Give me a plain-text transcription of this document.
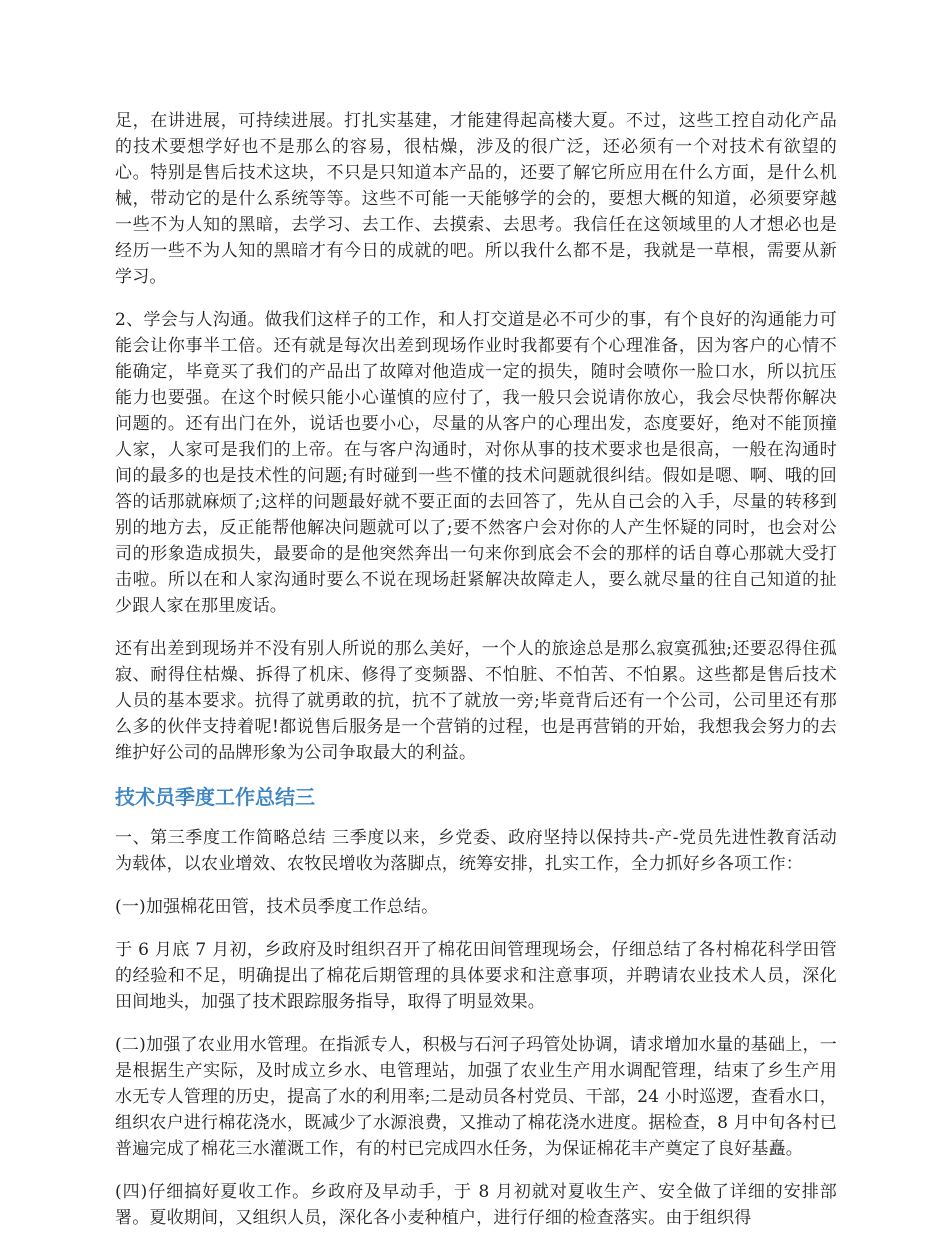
足，在讲进展，可持续进展。打扎实基建，才能建得起高楼大夏。不过，这些工控自动化产品的技术要想学好也不是那么的容易，很枯燥，涉及的很广泛，还必须有一个对技术有欲望的心。特别是售后技术这块，不只是只知道本产品的，还要了解它所应用在什么方面，是什么机械，带动它的是什么系统等等。这些不可能一天能够学的会的，要想大概的知道，必须要穿越一些不为人知的黑暗，去学习、去工作、去摸索、去思考。我信任在这领域里的人才想必也是经历一些不为人知的黑暗才有今日的成就的吧。所以我什么都不是，我就是一草根，需要从新学习。

2、学会与人沟通。做我们这样子的工作，和人打交道是必不可少的事，有个良好的沟通能力可能会让你事半工倍。还有就是每次出差到现场作业时我都要有个心理准备，因为客户的心情不能确定，毕竟买了我们的产品出了故障对他造成一定的损失，随时会喷你一脸口水，所以抗压能力也要强。在这个时候只能小心谨慎的应付了，我一般只会说请你放心，我会尽快帮你解决问题的。还有出门在外，说话也要小心，尽量的从客户的心理出发，态度要好，绝对不能顶撞人家，人家可是我们的上帝。在与客户沟通时，对你从事的技术要求也是很高，一般在沟通时间的最多的也是技术性的问题;有时碰到一些不懂的技术问题就很纠结。假如是嗯、啊、哦的回答的话那就麻烦了;这样的问题最好就不要正面的去回答了，先从自己会的入手，尽量的转移到别的地方去，反正能帮他解决问题就可以了;要不然客户会对你的人产生怀疑的同时，也会对公司的形象造成损失，最要命的是他突然奔出一句来你到底会不会的那样的话自尊心那就大受打击啦。所以在和人家沟通时要么不说在现场赶紧解决故障走人，要么就尽量的往自己知道的扯少跟人家在那里废话。

还有出差到现场并不没有别人所说的那么美好，一个人的旅途总是那么寂寞孤独;还要忍得住孤寂、耐得住枯燥、拆得了机床、修得了变频器、不怕脏、不怕苦、不怕累。这些都是售后技术人员的基本要求。抗得了就勇敢的抗，抗不了就放一旁;毕竟背后还有一个公司，公司里还有那么多的伙伴支持着呢!都说售后服务是一个营销的过程，也是再营销的开始，我想我会努力的去维护好公司的品牌形象为公司争取最大的利益。

技术员季度工作总结三

一、第三季度工作简略总结 三季度以来，乡党委、政府坚持以保持共-产-党员先进性教育活动为载体，以农业增效、农牧民增收为落脚点，统筹安排，扎实工作，全力抓好乡各项工作：

(一)加强棉花田管，技术员季度工作总结。

于 6 月底 7 月初，乡政府及时组织召开了棉花田间管理现场会，仔细总结了各村棉花科学田管的经验和不足，明确提出了棉花后期管理的具体要求和注意事项，并聘请农业技术人员，深化田间地头，加强了技术跟踪服务指导，取得了明显效果。

(二)加强了农业用水管理。在指派专人，积极与石河子玛管处协调，请求增加水量的基础上，一是根据生产实际，及时成立乡水、电管理站，加强了农业生产用水调配管理，结束了乡生产用水无专人管理的历史，提高了水的利用率;二是动员各村党员、干部，24 小时巡逻，查看水口，组织农户进行棉花浇水，既减少了水源浪费，又推动了棉花浇水进度。据检查，8 月中旬各村已普遍完成了棉花三水灌溉工作，有的村已完成四水任务，为保证棉花丰产奠定了良好基矗。

(四)仔细搞好夏收工作。乡政府及早动手，于 8 月初就对夏收生产、安全做了详细的安排部署。夏收期间，又组织人员，深化各小麦种植户，进行仔细的检查落实。由于组织得
